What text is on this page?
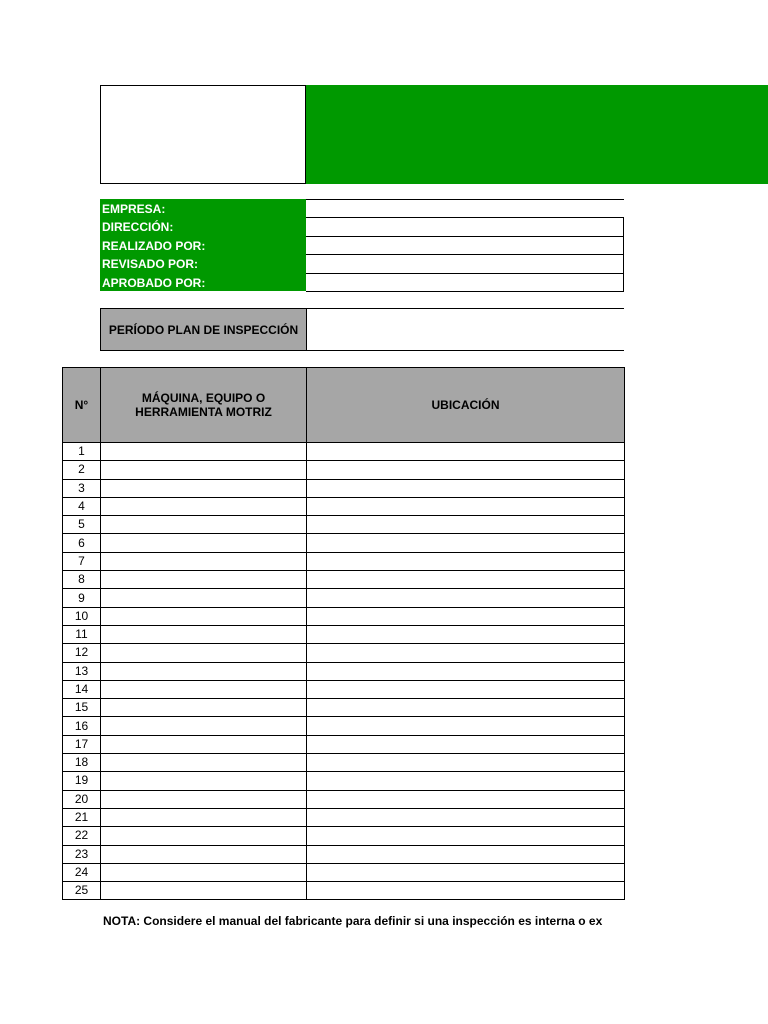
EMPRESA:
DIRECCIÓN:
REALIZADO POR:
REVISADO POR:
APROBADO POR:
PERÍODO PLAN DE INSPECCIÓN
N°	MÁQUINA, EQUIPO O HERRAMIENTA MOTRIZ	UBICACIÓN
1		
2		
3		
4		
5		
6		
7		
8		
9		
10		
11		
12		
13		
14		
15		
16		
17		
18		
19		
20		
21		
22		
23		
24		
25		
NOTA: Considere el manual del fabricante para definir si una inspección es interna o ex
